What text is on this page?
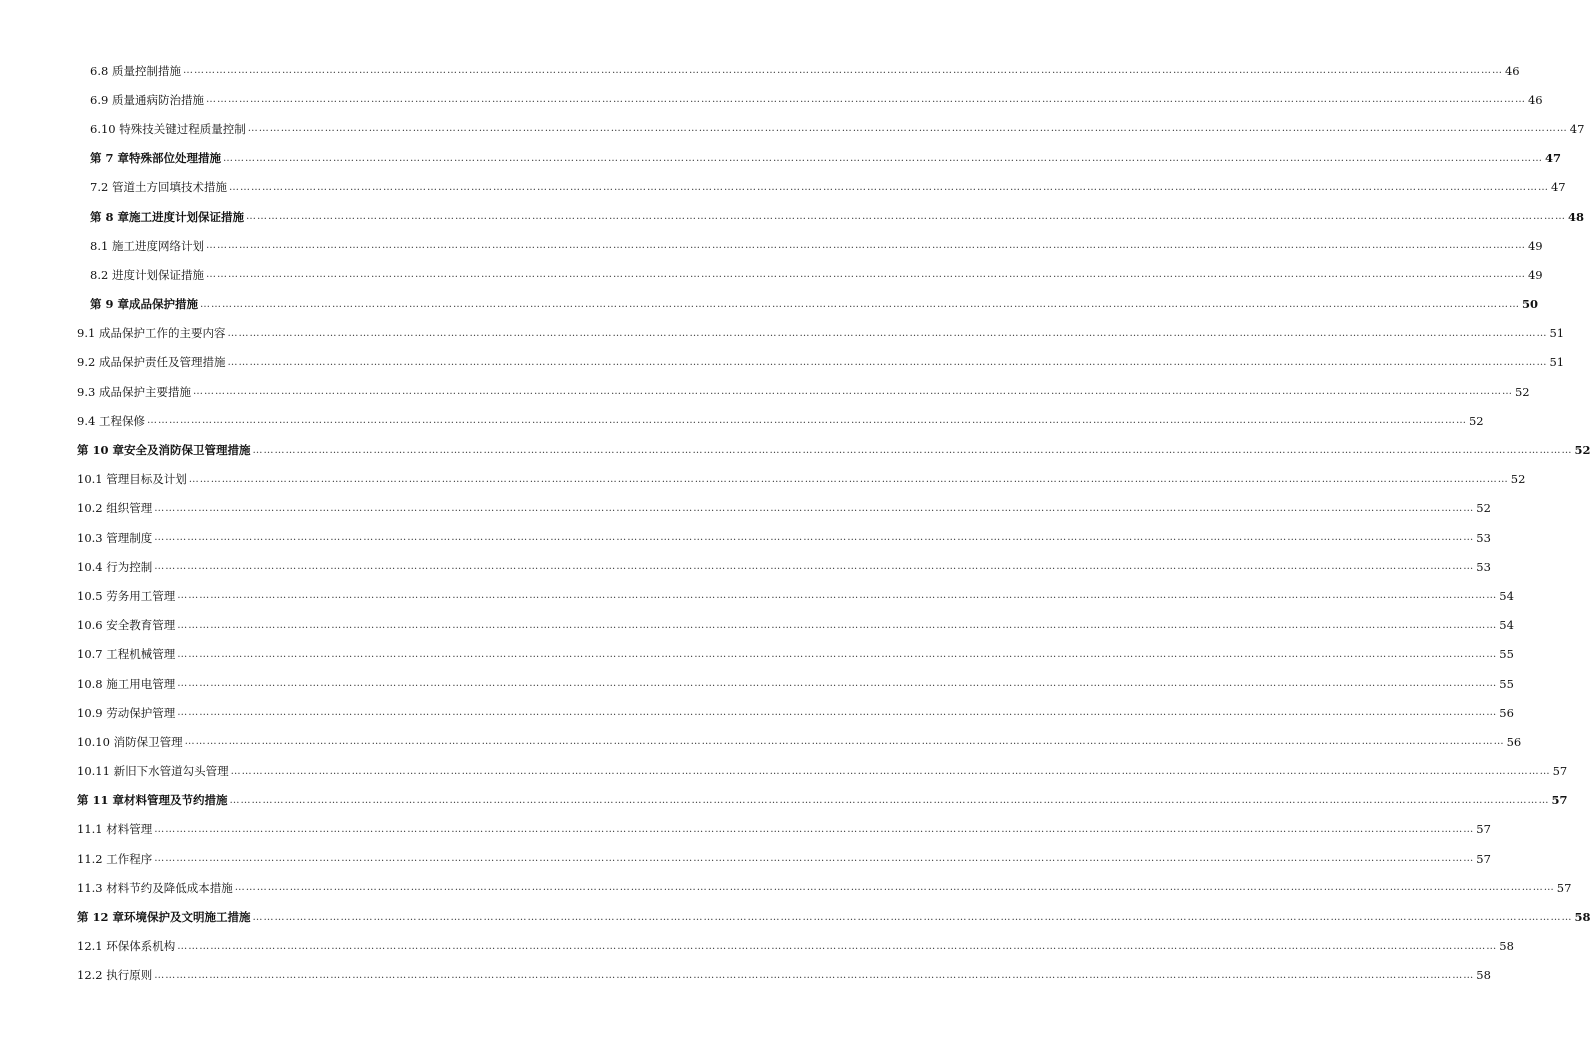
6.8 质量控制措施 ……………………………………………………………………………………………………………………………………………………………………………………………………………………………………………………………………………………………………………………………… 46
6.9 质量通病防治措施 ……………………………………………………………………………………………………………………………………………………………………………………………………………………………………………………………………………………………………………………………… 46
6.10 特殊技关键过程质量控制 ……………………………………………………………………………………………………………………………………………………………………………………………………………………………………………………………………………………………………………………………… 47
第 7 章特殊部位处理措施 ……………………………………………………………………………………………………………………………………………………………………………………………………………………………………………………………………………………………………………………………… 47
7.2 管道土方回填技术措施 ……………………………………………………………………………………………………………………………………………………………………………………………………………………………………………………………………………………………………………………………… 47
第 8 章施工进度计划保证措施 ……………………………………………………………………………………………………………………………………………………………………………………………………………………………………………………………………………………………………………………………… 48
8.1 施工进度网络计划 ……………………………………………………………………………………………………………………………………………………………………………………………………………………………………………………………………………………………………………………………… 49
8.2 进度计划保证措施 ……………………………………………………………………………………………………………………………………………………………………………………………………………………………………………………………………………………………………………………………… 49
第 9 章成品保护措施 ……………………………………………………………………………………………………………………………………………………………………………………………………………………………………………………………………………………………………………………………… 50
9.1 成品保护工作的主要内容 ……………………………………………………………………………………………………………………………………………………………………………………………………………………………………………………………………………………………………………………………… 51
9.2 成品保护责任及管理措施 ……………………………………………………………………………………………………………………………………………………………………………………………………………………………………………………………………………………………………………………………… 51
9.3 成品保护主要措施 ……………………………………………………………………………………………………………………………………………………………………………………………………………………………………………………………………………………………………………………………… 52
9.4 工程保修 ……………………………………………………………………………………………………………………………………………………………………………………………………………………………………………………………………………………………………………………………… 52
第 10 章安全及消防保卫管理措施 ……………………………………………………………………………………………………………………………………………………………………………………………………………………………………………………………………………………………………………………………… 52
10.1 管理目标及计划 ……………………………………………………………………………………………………………………………………………………………………………………………………………………………………………………………………………………………………………………………… 52
10.2 组织管理 ……………………………………………………………………………………………………………………………………………………………………………………………………………………………………………………………………………………………………………………………… 52
10.3 管理制度 ……………………………………………………………………………………………………………………………………………………………………………………………………………………………………………………………………………………………………………………………… 53
10.4 行为控制 ……………………………………………………………………………………………………………………………………………………………………………………………………………………………………………………………………………………………………………………………… 53
10.5 劳务用工管理 ……………………………………………………………………………………………………………………………………………………………………………………………………………………………………………………………………………………………………………………………… 54
10.6 安全教育管理 ……………………………………………………………………………………………………………………………………………………………………………………………………………………………………………………………………………………………………………………………… 54
10.7 工程机械管理 ……………………………………………………………………………………………………………………………………………………………………………………………………………………………………………………………………………………………………………………………… 55
10.8 施工用电管理 ……………………………………………………………………………………………………………………………………………………………………………………………………………………………………………………………………………………………………………………………… 55
10.9 劳动保护管理 ……………………………………………………………………………………………………………………………………………………………………………………………………………………………………………………………………………………………………………………………… 56
10.10 消防保卫管理 ……………………………………………………………………………………………………………………………………………………………………………………………………………………………………………………………………………………………………………………………… 56
10.11 新旧下水管道勾头管理 ……………………………………………………………………………………………………………………………………………………………………………………………………………………………………………………………………………………………………………………………… 57
第 11 章材料管理及节约措施 ……………………………………………………………………………………………………………………………………………………………………………………………………………………………………………………………………………………………………………………………… 57
11.1 材料管理 ……………………………………………………………………………………………………………………………………………………………………………………………………………………………………………………………………………………………………………………………… 57
11.2 工作程序 ……………………………………………………………………………………………………………………………………………………………………………………………………………………………………………………………………………………………………………………………… 57
11.3 材料节约及降低成本措施 ……………………………………………………………………………………………………………………………………………………………………………………………………………………………………………………………………………………………………………………………… 57
第 12 章环境保护及文明施工措施 ……………………………………………………………………………………………………………………………………………………………………………………………………………………………………………………………………………………………………………………………… 58
12.1 环保体系机构 ……………………………………………………………………………………………………………………………………………………………………………………………………………………………………………………………………………………………………………………………… 58
12.2 执行原则 ……………………………………………………………………………………………………………………………………………………………………………………………………………………………………………………………………………………………………………………………… 58
